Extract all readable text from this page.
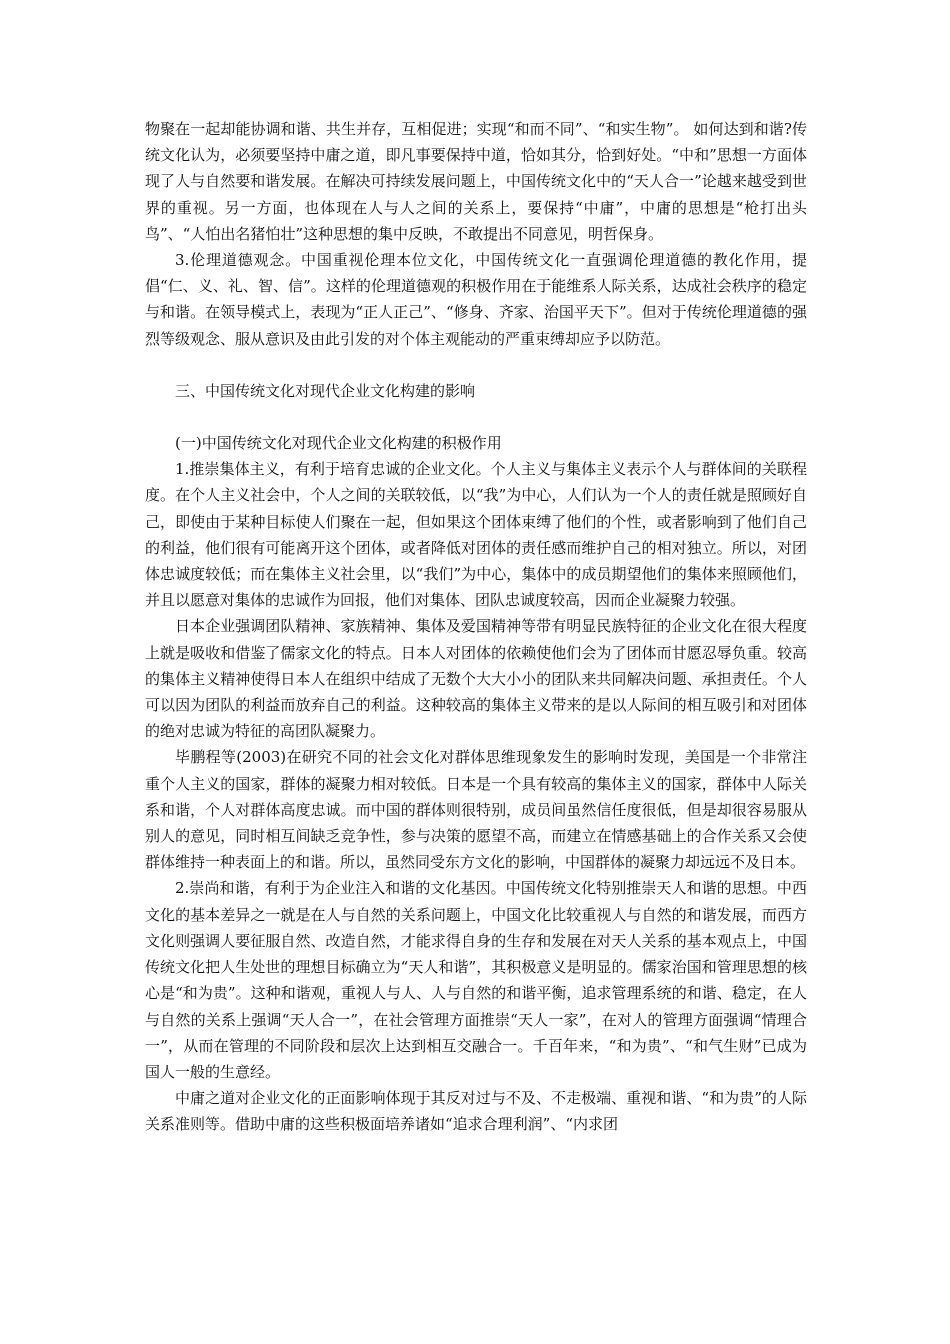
物聚在一起却能协调和谐、共生并存，互相促进；实现“和而不同”、“和实生物”。 如何达到和谐?传统文化认为，必须要坚持中庸之道，即凡事要保持中道，恰如其分，恰到好处。“中和”思想一方面体现了人与自然要和谐发展。在解决可持续发展问题上，中国传统文化中的“天人合一”论越来越受到世界的重视。另一方面，也体现在人与人之间的关系上，要保持“中庸”，中庸的思想是“枪打出头鸟”、“人怕出名猪怕壮”这种思想的集中反映，不敢提出不同意见，明哲保身。

3.伦理道德观念。中国重视伦理本位文化，中国传统文化一直强调伦理道德的教化作用，提倡“仁、义、礼、智、信”。这样的伦理道德观的积极作用在于能维系人际关系，达成社会秩序的稳定与和谐。在领导模式上，表现为“正人正己”、“修身、齐家、治国平天下”。但对于传统伦理道德的强烈等级观念、服从意识及由此引发的对个体主观能动的严重束缚却应予以防范。

三、中国传统文化对现代企业文化构建的影响

(一)中国传统文化对现代企业文化构建的积极作用

1.推崇集体主义，有利于培育忠诚的企业文化。个人主义与集体主义表示个人与群体间的关联程度。在个人主义社会中，个人之间的关联较低，以“我”为中心，人们认为一个人的责任就是照顾好自己，即使由于某种目标使人们聚在一起，但如果这个团体束缚了他们的个性，或者影响到了他们自己的利益，他们很有可能离开这个团体，或者降低对团体的责任感而维护自己的相对独立。所以，对团体忠诚度较低；而在集体主义社会里，以“我们”为中心，集体中的成员期望他们的集体来照顾他们，并且以愿意对集体的忠诚作为回报，他们对集体、团队忠诚度较高，因而企业凝聚力较强。

日本企业强调团队精神、家族精神、集体及爱国精神等带有明显民族特征的企业文化在很大程度上就是吸收和借鉴了儒家文化的特点。日本人对团体的依赖使他们会为了团体而甘愿忍辱负重。较高的集体主义精神使得日本人在组织中结成了无数个大大小小的团队来共同解决问题、承担责任。个人可以因为团队的利益而放弃自己的利益。这种较高的集体主义带来的是以人际间的相互吸引和对团体的绝对忠诚为特征的高团队凝聚力。

毕鹏程等(2003)在研究不同的社会文化对群体思维现象发生的影响时发现，美国是一个非常注重个人主义的国家，群体的凝聚力相对较低。日本是一个具有较高的集体主义的国家，群体中人际关系和谐，个人对群体高度忠诚。而中国的群体则很特别，成员间虽然信任度很低，但是却很容易服从别人的意见，同时相互间缺乏竞争性，参与决策的愿望不高，而建立在情感基础上的合作关系又会使群体维持一种表面上的和谐。所以，虽然同受东方文化的影响，中国群体的凝聚力却远远不及日本。

2.崇尚和谐，有利于为企业注入和谐的文化基因。中国传统文化特别推崇天人和谐的思想。中西文化的基本差异之一就是在人与自然的关系问题上，中国文化比较重视人与自然的和谐发展，而西方文化则强调人要征服自然、改造自然，才能求得自身的生存和发展在对天人关系的基本观点上，中国传统文化把人生处世的理想目标确立为“天人和谐”，其积极意义是明显的。儒家治国和管理思想的核心是“和为贵”。这种和谐观，重视人与人、人与自然的和谐平衡，追求管理系统的和谐、稳定，在人与自然的关系上强调“天人合一”，在社会管理方面推崇“天人一家”，在对人的管理方面强调“情理合一”，从而在管理的不同阶段和层次上达到相互交融合一。千百年来，“和为贵”、“和气生财”已成为国人一般的生意经。

中庸之道对企业文化的正面影响体现于其反对过与不及、不走极端、重视和谐、“和为贵”的人际关系准则等。借助中庸的这些积极面培养诸如“追求合理利润”、“内求团
